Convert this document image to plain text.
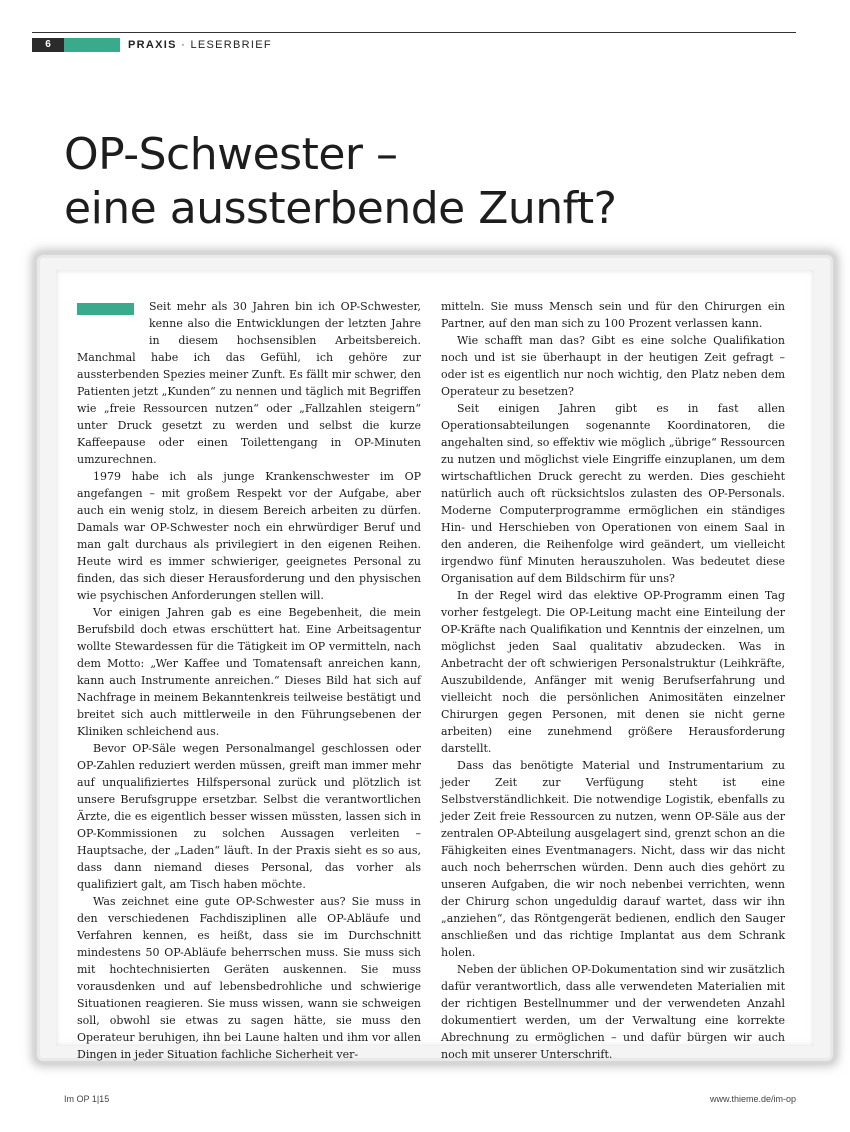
6	PRAXIS · LESERBRIEF
OP-Schwester –
eine aussterbende Zunft?

Seit mehr als 30 Jahren bin ich OP-Schwester, kenne also die Entwicklungen der letzten Jahre in diesem hochsensiblen Arbeitsbereich. Manchmal habe ich das Gefühl, ich gehöre zur aussterbenden Spezies meiner Zunft. Es fällt mir schwer, den Patienten jetzt „Kunden“ zu nennen und täglich mit Begriffen wie „freie Ressourcen nutzen“ oder „Fallzahlen steigern“ unter Druck gesetzt zu werden und selbst die kurze Kaffeepause oder einen Toilettengang in OP-Minuten umzurechnen.

1979 habe ich als junge Krankenschwester im OP angefangen – mit großem Respekt vor der Aufgabe, aber auch ein wenig stolz, in diesem Bereich arbeiten zu dürfen. Damals war OP-Schwester noch ein ehrwürdiger Beruf und man galt durchaus als privilegiert in den eigenen Reihen. Heute wird es immer schwieriger, geeignetes Personal zu finden, das sich dieser Herausforderung und den physischen wie psychischen Anforderungen stellen will.

Vor einigen Jahren gab es eine Begebenheit, die mein Berufsbild doch etwas erschüttert hat. Eine Arbeitsagentur wollte Stewardessen für die Tätigkeit im OP vermitteln, nach dem Motto: „Wer Kaffee und Tomatensaft anreichen kann, kann auch Instrumente anreichen.“ Dieses Bild hat sich auf Nachfrage in meinem Bekanntenkreis teilweise bestätigt und breitet sich auch mittlerweile in den Führungsebenen der Kliniken schleichend aus.

Bevor OP-Säle wegen Personalmangel geschlossen oder OP-Zahlen reduziert werden müssen, greift man immer mehr auf unqualifiziertes Hilfspersonal zurück und plötzlich ist unsere Berufsgruppe ersetzbar. Selbst die verantwortlichen Ärzte, die es eigentlich besser wissen müssten, lassen sich in OP-Kommissionen zu solchen Aussagen verleiten – Hauptsache, der „Laden“ läuft. In der Praxis sieht es so aus, dass dann niemand dieses Personal, das vorher als qualifiziert galt, am Tisch haben möchte.

Was zeichnet eine gute OP-Schwester aus? Sie muss in den verschiedenen Fachdisziplinen alle OP-Abläufe und Verfahren kennen, es heißt, dass sie im Durchschnitt mindestens 50 OP-Abläufe beherrschen muss. Sie muss sich mit hochtechnisierten Geräten auskennen. Sie muss vorausdenken und auf lebensbedrohliche und schwierige Situationen reagieren. Sie muss wissen, wann sie schweigen soll, obwohl sie etwas zu sagen hätte, sie muss den Operateur beruhigen, ihn bei Laune halten und ihm vor allen Dingen in jeder Situation fachliche Sicherheit ver-

mitteln. Sie muss Mensch sein und für den Chirurgen ein Partner, auf den man sich zu 100 Prozent verlassen kann.

Wie schafft man das? Gibt es eine solche Qualifikation noch und ist sie überhaupt in der heutigen Zeit gefragt – oder ist es eigentlich nur noch wichtig, den Platz neben dem Operateur zu besetzen?

Seit einigen Jahren gibt es in fast allen Operationsabteilungen sogenannte Koordinatoren, die angehalten sind, so effektiv wie möglich „übrige“ Ressourcen zu nutzen und möglichst viele Eingriffe einzuplanen, um dem wirtschaftlichen Druck gerecht zu werden. Dies geschieht natürlich auch oft rücksichtslos zulasten des OP-Personals. Moderne Computerprogramme ermöglichen ein ständiges Hin- und Herschieben von Operationen von einem Saal in den anderen, die Reihenfolge wird geändert, um vielleicht irgendwo fünf Minuten herauszuholen. Was bedeutet diese Organisation auf dem Bildschirm für uns?

In der Regel wird das elektive OP-Programm einen Tag vorher festgelegt. Die OP-Leitung macht eine Einteilung der OP-Kräfte nach Qualifikation und Kenntnis der einzelnen, um möglichst jeden Saal qualitativ abzudecken. Was in Anbetracht der oft schwierigen Personalstruktur (Leihkräfte, Auszubildende, Anfänger mit wenig Berufserfahrung und vielleicht noch die persönlichen Animositäten einzelner Chirurgen gegen Personen, mit denen sie nicht gerne arbeiten) eine zunehmend größere Herausforderung darstellt.

Dass das benötigte Material und Instrumentarium zu jeder Zeit zur Verfügung steht ist eine Selbstverständlichkeit. Die notwendige Logistik, ebenfalls zu jeder Zeit freie Ressourcen zu nutzen, wenn OP-Säle aus der zentralen OP-Abteilung ausgelagert sind, grenzt schon an die Fähigkeiten eines Eventmanagers. Nicht, dass wir das nicht auch noch beherrschen würden. Denn auch dies gehört zu unseren Aufgaben, die wir noch nebenbei verrichten, wenn der Chirurg schon ungeduldig darauf wartet, dass wir ihn „anziehen“, das Röntgengerät bedienen, endlich den Sauger anschließen und das richtige Implantat aus dem Schrank holen.

Neben der üblichen OP-Dokumentation sind wir zusätzlich dafür verantwortlich, dass alle verwendeten Materialien mit der richtigen Bestellnummer und der verwendeten Anzahl dokumentiert werden, um der Verwaltung eine korrekte Abrechnung zu ermöglichen – und dafür bürgen wir auch noch mit unserer Unterschrift.

Im OP 1|15	www.thieme.de/im-op
